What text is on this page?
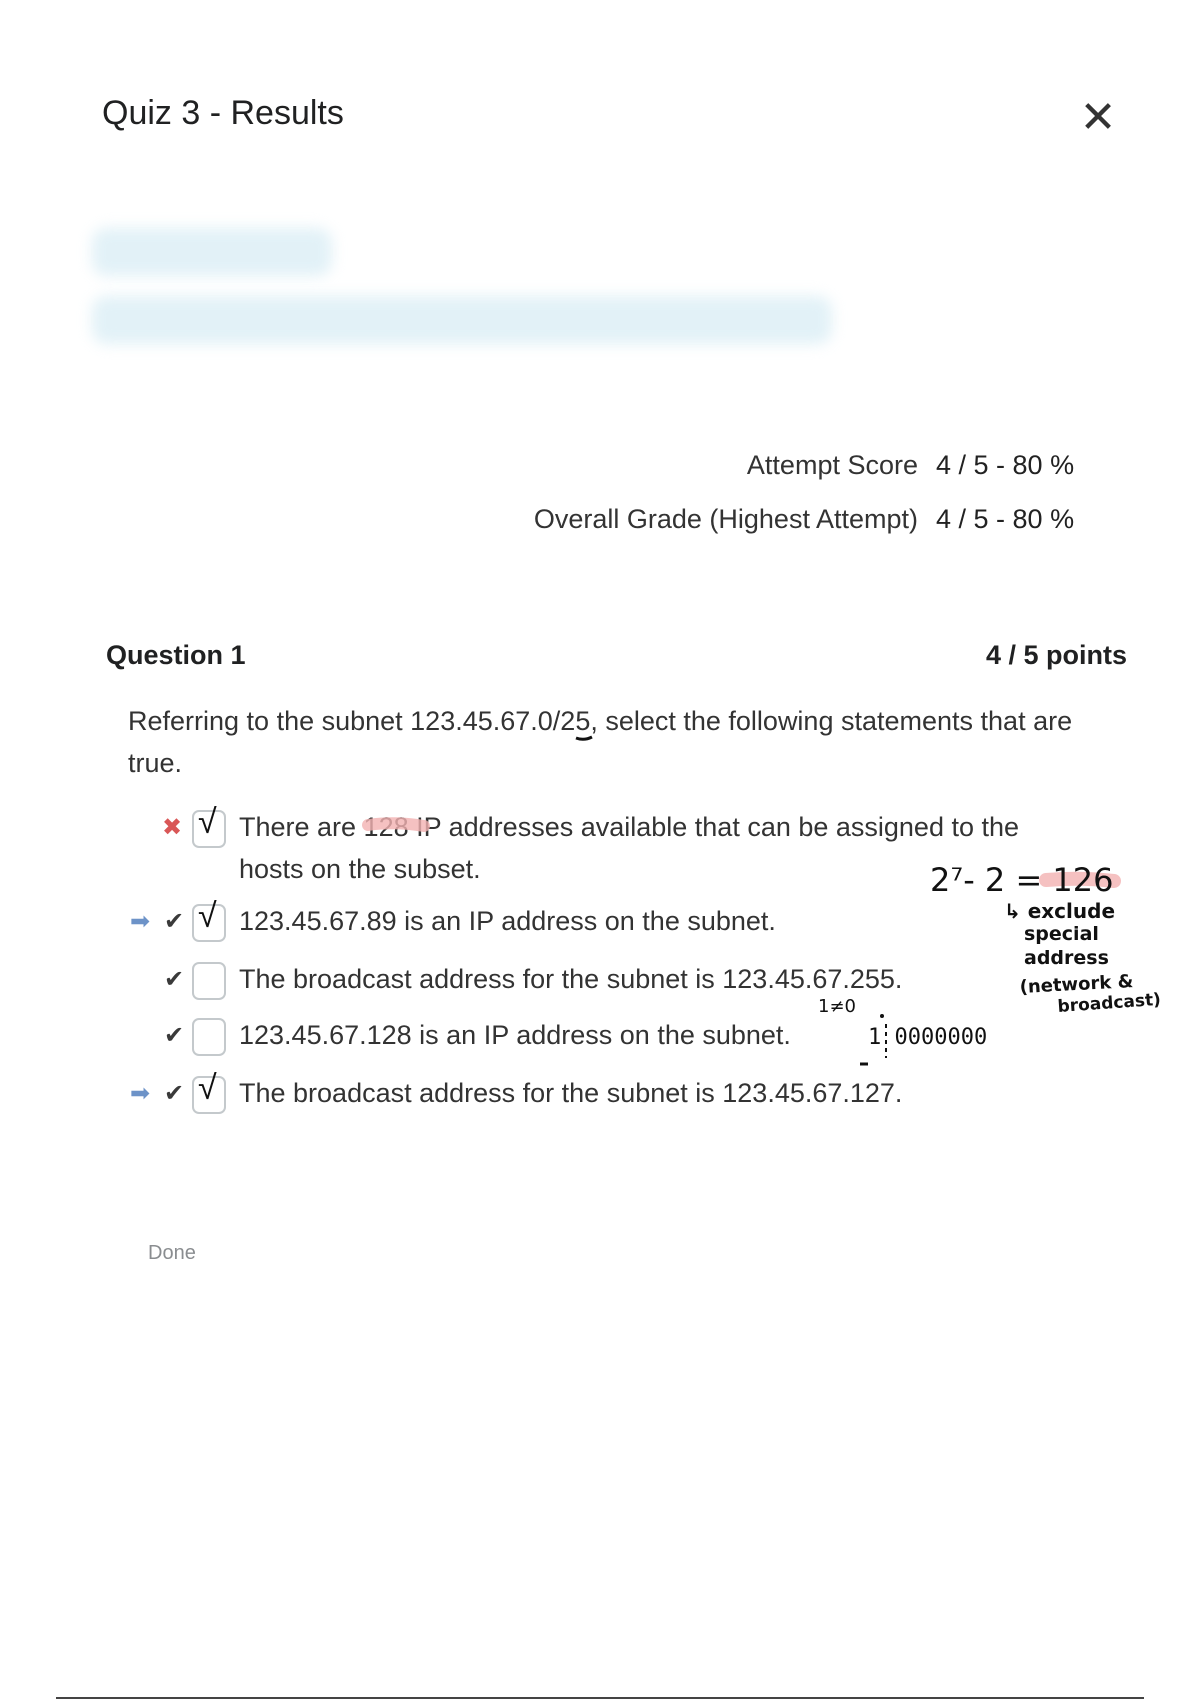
Quiz 3 - Results	✕
Attempt Score 4 / 5 - 80 %
Overall Grade (Highest Attempt) 4 / 5 - 80 %
Question 1	4 / 5 points
Referring to the subnet 123.45.67.0/25, select the following statements that are true.
✖ √ There are 128 IP addresses available that can be assigned to the hosts on the subset.
➡ ✔ √ 123.45.67.89 is an IP address on the subnet.
✔ The broadcast address for the subnet is 123.45.67.255.
✔ 123.45.67.128 is an IP address on the subnet.
➡ ✔ √ The broadcast address for the subnet is 123.45.67.127.
Done
2⁷- 2 = 126
↳ exclude
special
address
(network &
broadcast)
1≠0
1 0000000
